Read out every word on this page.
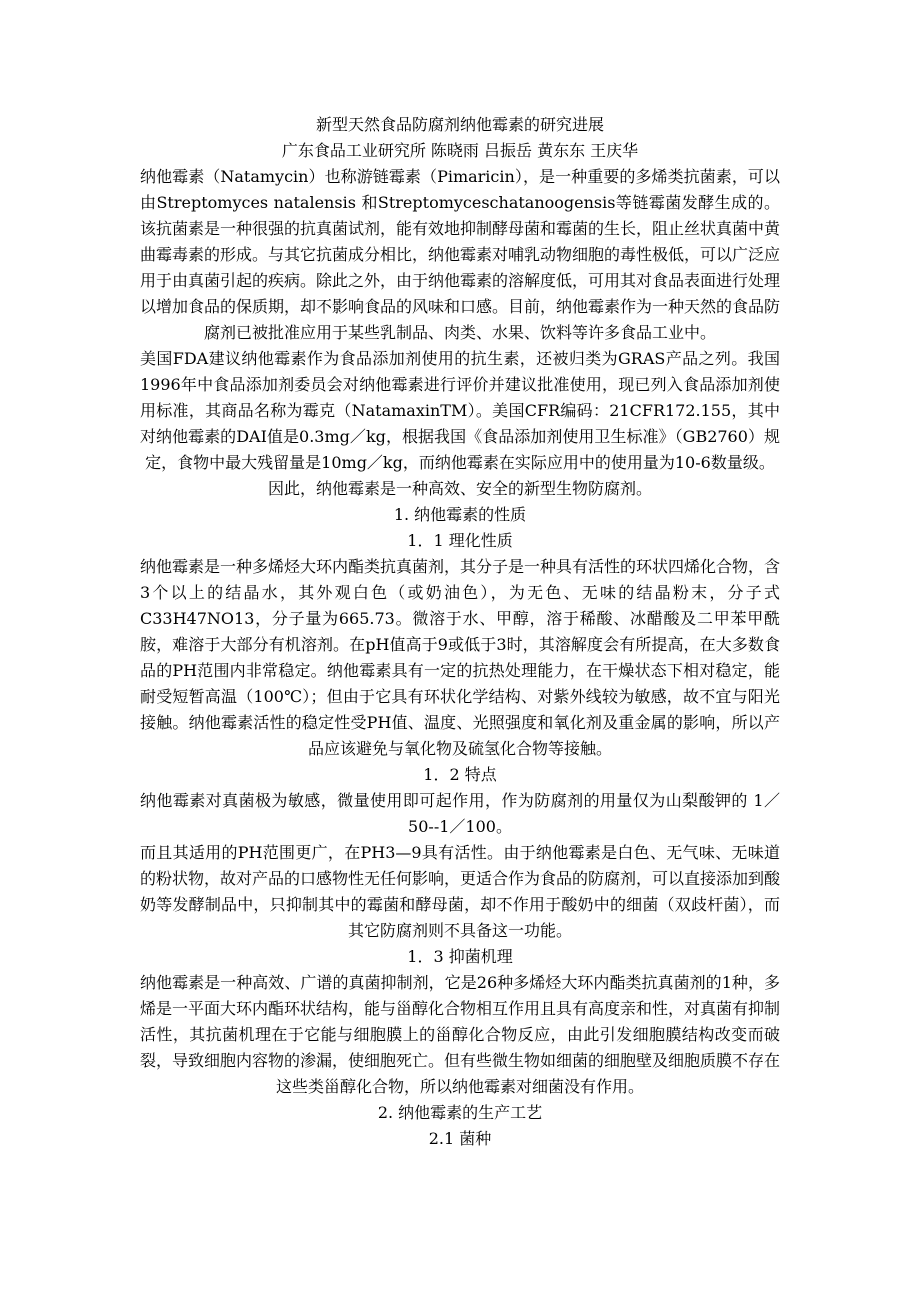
新型天然食品防腐剂纳他霉素的研究进展

广东食品工业研究所 陈晓雨 吕振岳 黄东东 王庆华

纳他霉素（Natamycin）也称游链霉素（Pimaricin），是一种重要的多烯类抗菌素，可以由Streptomyces natalensis 和Streptomyceschatanoogensis等链霉菌发酵生成的。该抗菌素是一种很强的抗真菌试剂，能有效地抑制酵母菌和霉菌的生长，阻止丝状真菌中黄曲霉毒素的形成。与其它抗菌成分相比，纳他霉素对哺乳动物细胞的毒性极低，可以广泛应用于由真菌引起的疾病。除此之外，由于纳他霉素的溶解度低，可用其对食品表面进行处理以增加食品的保质期，却不影响食品的风味和口感。目前，纳他霉素作为一种天然的食品防腐剂已被批准应用于某些乳制品、肉类、水果、饮料等许多食品工业中。

美国FDA建议纳他霉素作为食品添加剂使用的抗生素，还被归类为GRAS产品之列。我国1996年中食品添加剂委员会对纳他霉素进行评价并建议批准使用，现已列入食品添加剂使用标准，其商品名称为霉克（NatamaxinTM）。美国CFR编码：21CFR172.155，其中对纳他霉素的DAI值是0.3mg／kg，根据我国《食品添加剂使用卫生标准》（GB2760）规定，食物中最大残留量是10mg／kg，而纳他霉素在实际应用中的使用量为10-6数量级。

因此，纳他霉素是一种高效、安全的新型生物防腐剂。

1. 纳他霉素的性质

1．1 理化性质

纳他霉素是一种多烯烃大环内酯类抗真菌剂，其分子是一种具有活性的环状四烯化合物，含3个以上的结晶水，其外观白色（或奶油色），为无色、无味的结晶粉末，分子式C33H47NO13，分子量为665.73。微溶于水、甲醇，溶于稀酸、冰醋酸及二甲苯甲酰胺，难溶于大部分有机溶剂。在pH值高于9或低于3时，其溶解度会有所提高，在大多数食品的PH范围内非常稳定。纳他霉素具有一定的抗热处理能力，在干燥状态下相对稳定，能耐受短暂高温（100℃）；但由于它具有环状化学结构、对紫外线较为敏感，故不宜与阳光接触。纳他霉素活性的稳定性受PH值、温度、光照强度和氧化剂及重金属的影响，所以产品应该避免与氧化物及硫氢化合物等接触。

1．2 特点

纳他霉素对真菌极为敏感，微量使用即可起作用，作为防腐剂的用量仅为山梨酸钾的 1／50--1／100。

而且其适用的PH范围更广，在PH3—9具有活性。由于纳他霉素是白色、无气味、无味道的粉状物，故对产品的口感物性无任何影响，更适合作为食品的防腐剂，可以直接添加到酸奶等发酵制品中，只抑制其中的霉菌和酵母菌，却不作用于酸奶中的细菌（双歧杆菌），而其它防腐剂则不具备这一功能。

1．3 抑菌机理

纳他霉素是一种高效、广谱的真菌抑制剂，它是26种多烯烃大环内酯类抗真菌剂的1种，多烯是一平面大环内酯环状结构，能与甾醇化合物相互作用且具有高度亲和性，对真菌有抑制活性，其抗菌机理在于它能与细胞膜上的甾醇化合物反应，由此引发细胞膜结构改变而破裂，导致细胞内容物的渗漏，使细胞死亡。但有些微生物如细菌的细胞壁及细胞质膜不存在这些类甾醇化合物，所以纳他霉素对细菌没有作用。

2. 纳他霉素的生产工艺

2.1 菌种
